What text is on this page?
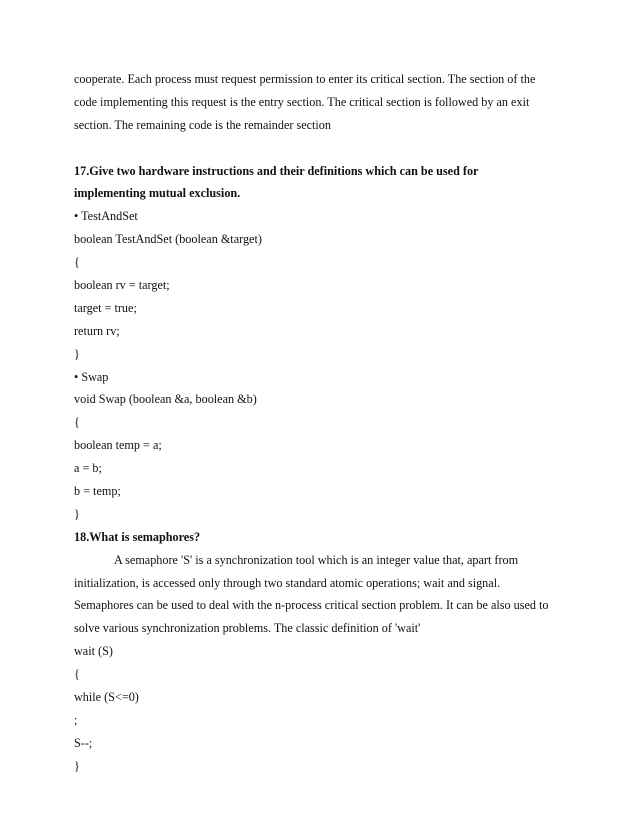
cooperate. Each process must request permission to enter its critical section. The section of the
code implementing this request is the entry section. The critical section is followed by an exit
section. The remaining code is the remainder section
17.Give two hardware instructions and their definitions which can be used for
implementing mutual exclusion.
• TestAndSet
boolean TestAndSet (boolean &target)
{
boolean rv = target;
target = true;
return rv;
}
• Swap
void Swap (boolean &a, boolean &b)
{
boolean temp = a;
a = b;
b = temp;
}
18.What is semaphores?
A semaphore 'S' is a synchronization tool which is an integer value that, apart from
initialization, is accessed only through two standard atomic operations; wait and signal.
Semaphores can be used to deal with the n-process critical section problem. It can be also used to
solve various synchronization problems. The classic definition of 'wait'
wait (S)
{
while (S<=0)
;
S--;
}
